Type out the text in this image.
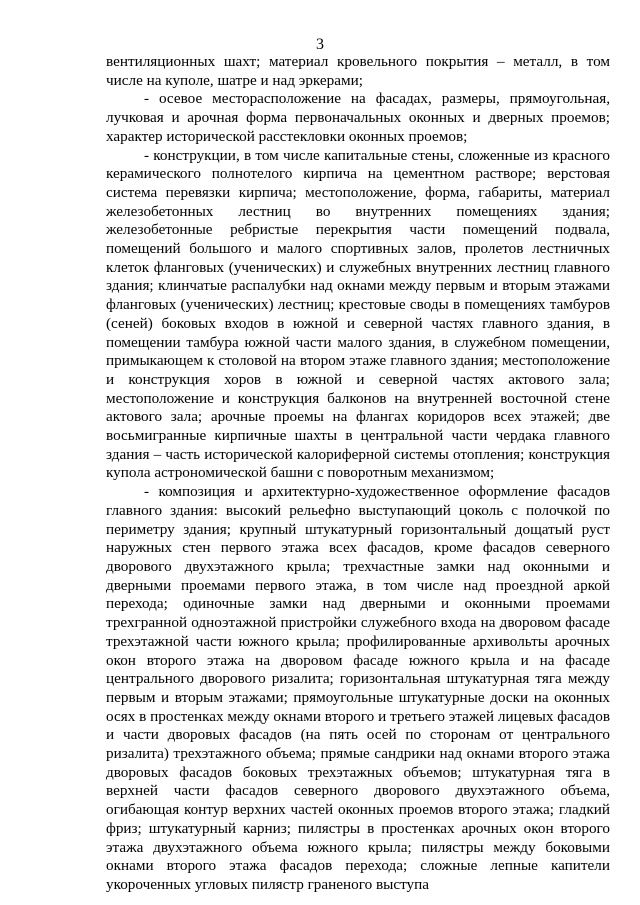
3

вентиляционных шахт; материал кровельного покрытия – металл, в том числе на куполе, шатре и над эркерами;

- осевое месторасположение на фасадах, размеры, прямоугольная, лучковая и арочная форма первоначальных оконных и дверных проемов; характер исторической расстекловки оконных проемов;

- конструкции, в том числе капитальные стены, сложенные из красного керамического полнотелого кирпича на цементном растворе; верстовая система перевязки кирпича; местоположение, форма, габариты, материал железобетонных лестниц во внутренних помещениях здания; железобетонные ребристые перекрытия части помещений подвала, помещений большого и малого спортивных залов, пролетов лестничных клеток фланговых (ученических) и служебных внутренних лестниц главного здания; клинчатые распалубки над окнами между первым и вторым этажами фланговых (ученических) лестниц; крестовые своды в помещениях тамбуров (сеней) боковых входов в южной и северной частях главного здания, в помещении тамбура южной части малого здания, в служебном помещении, примыкающем к столовой на втором этаже главного здания; местоположение и конструкция хоров в южной и северной частях актового зала; местоположение и конструкция балконов на внутренней восточной стене актового зала; арочные проемы на флангах коридоров всех этажей; две восьмигранные кирпичные шахты в центральной части чердака главного здания – часть исторической калориферной системы отопления; конструкция купола астрономической башни с поворотным механизмом;

- композиция и архитектурно-художественное оформление фасадов главного здания: высокий рельефно выступающий цоколь с полочкой по периметру здания; крупный штукатурный горизонтальный дощатый руст наружных стен первого этажа всех фасадов, кроме фасадов северного дворового двухэтажного крыла; трехчастные замки над оконными и дверными проемами первого этажа, в том числе над проездной аркой перехода; одиночные замки над дверными и оконными проемами трехгранной одноэтажной пристройки служебного входа на дворовом фасаде трехэтажной части южного крыла; профилированные архивольты арочных окон второго этажа на дворовом фасаде южного крыла и на фасаде центрального дворового ризалита; горизонтальная штукатурная тяга между первым и вторым этажами; прямоугольные штукатурные доски на оконных осях в простенках между окнами второго и третьего этажей лицевых фасадов и части дворовых фасадов (на пять осей по сторонам от центрального ризалита) трехэтажного объема; прямые сандрики над окнами второго этажа дворовых фасадов боковых трехэтажных объемов; штукатурная тяга в верхней части фасадов северного дворового двухэтажного объема, огибающая контур верхних частей оконных проемов второго этажа; гладкий фриз; штукатурный карниз; пилястры в простенках арочных окон второго этажа двухэтажного объема южного крыла; пилястры между боковыми окнами второго этажа фасадов перехода; сложные лепные капители укороченных угловых пилястр граненого выступа
